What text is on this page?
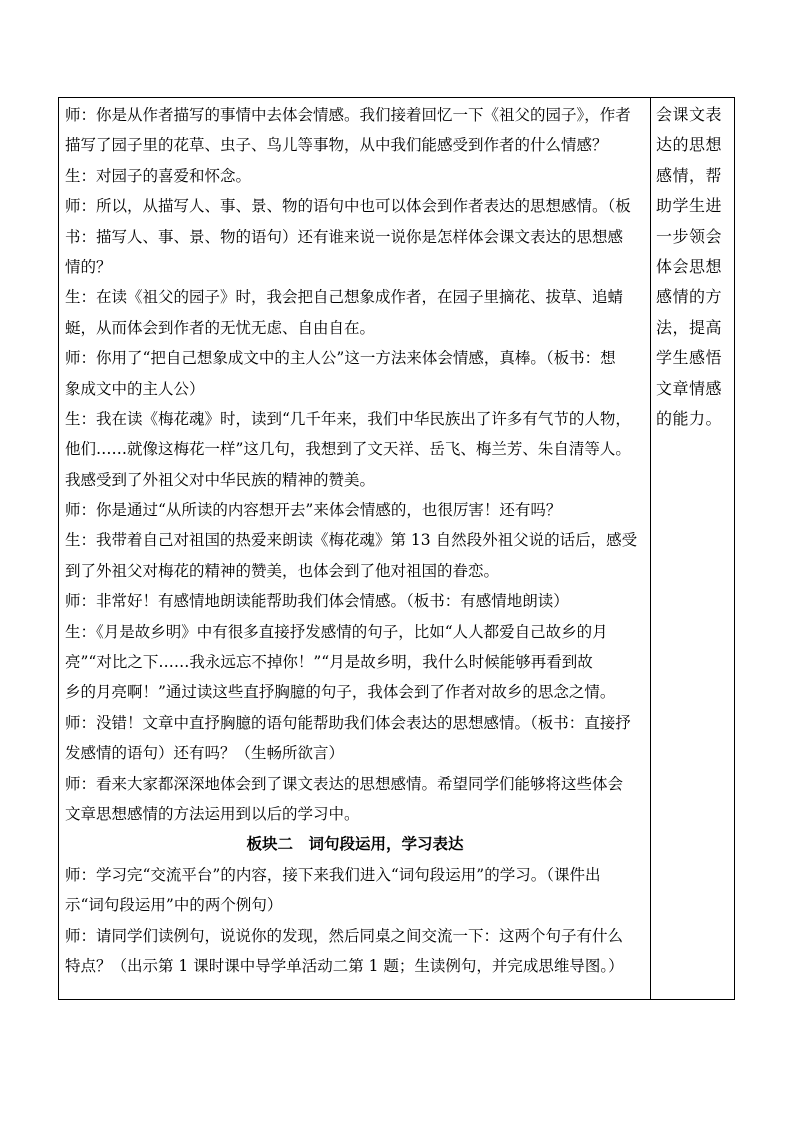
师：你是从作者描写的事情中去体会情感。我们接着回忆一下《祖父的园子》，作者
描写了园子里的花草、虫子、鸟儿等事物，从中我们能感受到作者的什么情感？
生：对园子的喜爱和怀念。
师：所以，从描写人、事、景、物的语句中也可以体会到作者表达的思想感情。（板
书：描写人、事、景、物的语句）还有谁来说一说你是怎样体会课文表达的思想感
情的？
生：在读《祖父的园子》时，我会把自己想象成作者，在园子里摘花、拔草、追蜻
蜓，从而体会到作者的无忧无虑、自由自在。
师：你用了“把自己想象成文中的主人公”这一方法来体会情感，真棒。（板书：想
象成文中的主人公）
生：我在读《梅花魂》时，读到“几千年来，我们中华民族出了许多有气节的人物，
他们……就像这梅花一样”这几句，我想到了文天祥、岳飞、梅兰芳、朱自清等人。
我感受到了外祖父对中华民族的精神的赞美。
师：你是通过“从所读的内容想开去”来体会情感的，也很厉害！还有吗？
生：我带着自己对祖国的热爱来朗读《梅花魂》第 13 自然段外祖父说的话后，感受
到了外祖父对梅花的精神的赞美，也体会到了他对祖国的眷恋。
师：非常好！有感情地朗读能帮助我们体会情感。（板书：有感情地朗读）
生：《月是故乡明》中有很多直接抒发感情的句子，比如“人人都爱自己故乡的月
亮”“对比之下……我永远忘不掉你！”“月是故乡明，我什么时候能够再看到故
乡的月亮啊！”通过读这些直抒胸臆的句子，我体会到了作者对故乡的思念之情。
师：没错！文章中直抒胸臆的语句能帮助我们体会表达的思想感情。（板书：直接抒
发感情的语句）还有吗？（生畅所欲言）
师：看来大家都深深地体会到了课文表达的思想感情。希望同学们能够将这些体会
文章思想感情的方法运用到以后的学习中。
板块二　词句段运用，学习表达
师：学习完“交流平台”的内容，接下来我们进入“词句段运用”的学习。（课件出
示“词句段运用”中的两个例句）
师：请同学们读例句，说说你的发现，然后同桌之间交流一下：这两个句子有什么
特点？（出示第 1 课时课中导学单活动二第 1 题；生读例句，并完成思维导图。）
会课文表
达的思想
感情，帮
助学生进
一步领会
体会思想
感情的方
法，提高
学生感悟
文章情感
的能力。
